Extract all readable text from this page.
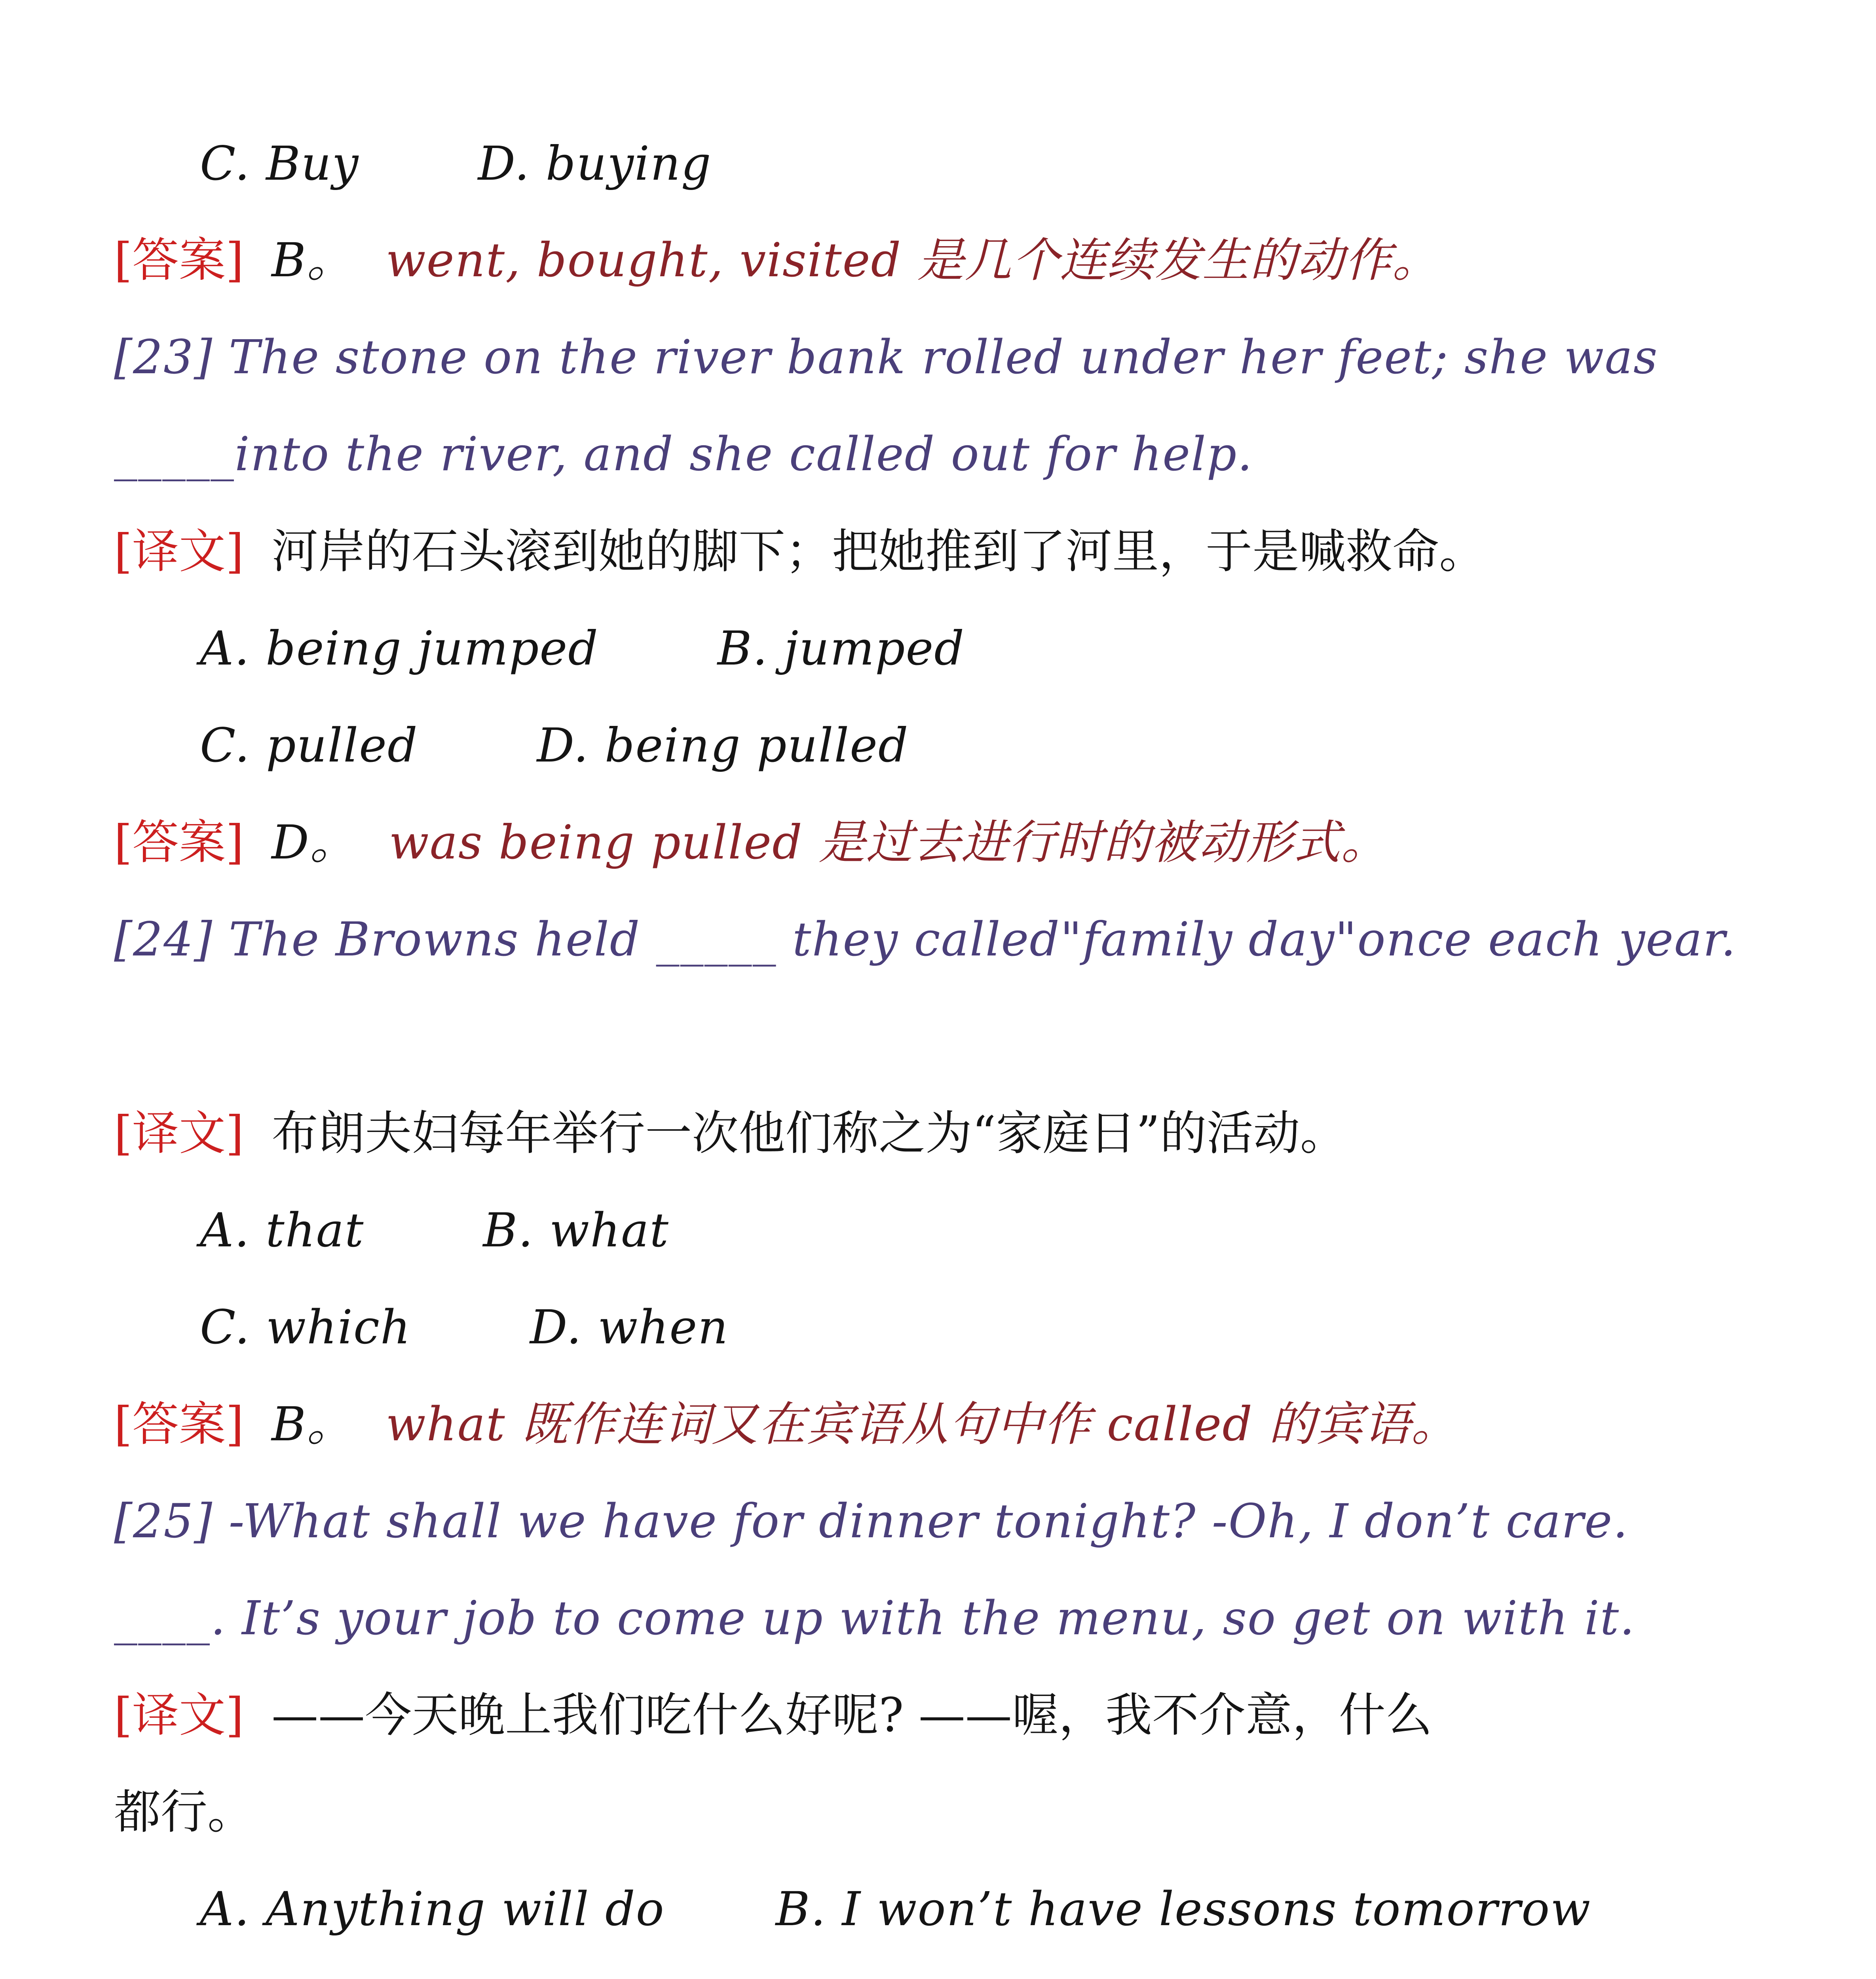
C. Buy	D. buying
[答案] B。 went, bought, visited 是几个连续发生的动作。
[23] The stone on the river bank rolled under her feet; she was
_____into the river, and she called out for help.
[译文] 河岸的石头滚到她的脚下；把她推到了河里，于是喊救命。
A. being jumped	B. jumped
C. pulled	D. being pulled
[答案] D。 was being pulled 是过去进行时的被动形式。
[24] The Browns held _____ they called"family day"once each year.
[译文] 布朗夫妇每年举行一次他们称之为“家庭日”的活动。
A. that	B. what
C. which	D. when
[答案] B。 what 既作连词又在宾语从句中作 called 的宾语。
[25] -What shall we have for dinner tonight? -Oh, I don’t care.
____. It’s your job to come up with the menu, so get on with it.
[译文] ——今天晚上我们吃什么好呢? ——喔，我不介意，什么
都行。
A. Anything will do B. I won’t have lessons tomorrow
